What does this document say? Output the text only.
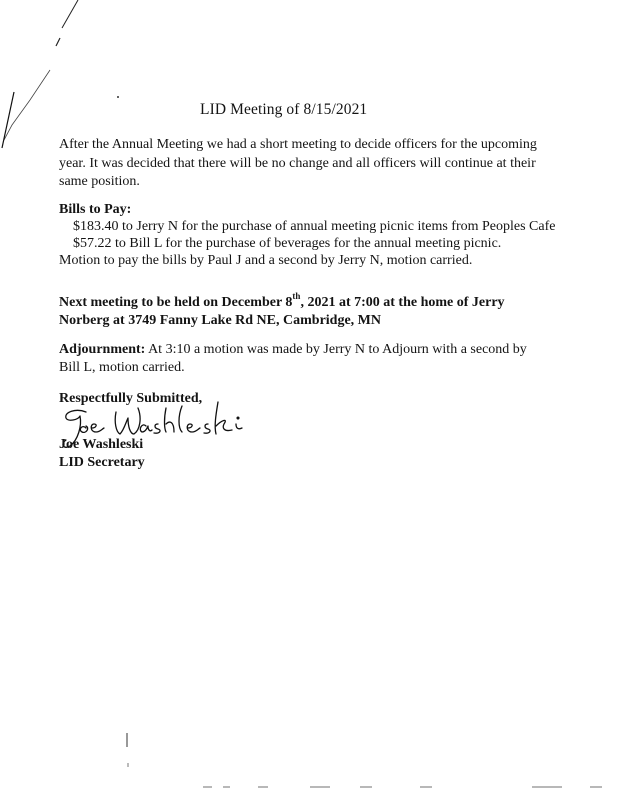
LID Meeting of 8/15/2021
After the Annual Meeting we had a short meeting to decide officers for the upcoming year. It was decided that there will be no change and all officers will continue at their same position.
Bills to Pay:
$183.40 to Jerry N for the purchase of annual meeting picnic items from Peoples Cafe
$57.22 to Bill L for the purchase of beverages for the annual meeting picnic.
Motion to pay the bills by Paul J and a second by Jerry N, motion carried.
Next meeting to be held on December 8th, 2021 at 7:00 at the home of Jerry Norberg at 3749 Fanny Lake Rd NE, Cambridge, MN
Adjournment: At 3:10 a motion was made by Jerry N to Adjourn with a second by Bill L, motion carried.
Respectfully Submitted,
Joe Washleski
LID Secretary
